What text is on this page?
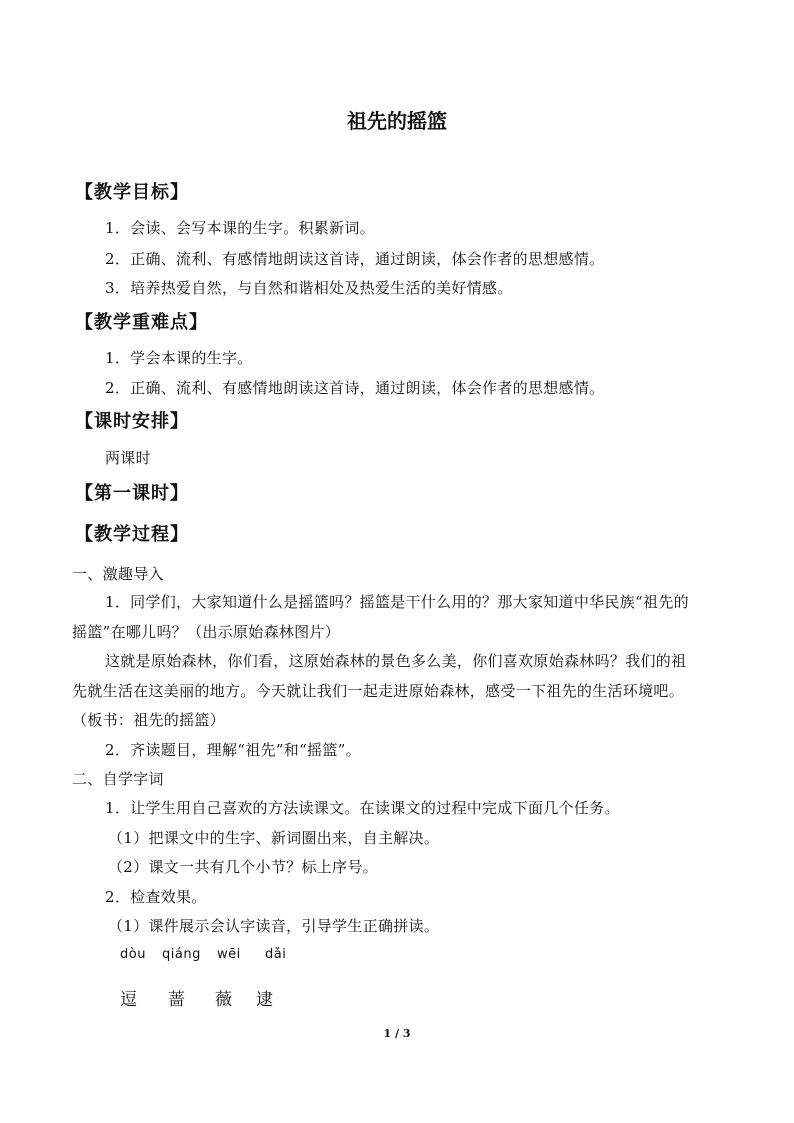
祖先的摇篮
【教学目标】
1．会读、会写本课的生字。积累新词。
2．正确、流利、有感情地朗读这首诗，通过朗读，体会作者的思想感情。
3．培养热爱自然，与自然和谐相处及热爱生活的美好情感。
【教学重难点】
1．学会本课的生字。
2．正确、流利、有感情地朗读这首诗，通过朗读，体会作者的思想感情。
【课时安排】
两课时
【第一课时】
【教学过程】
一、激趣导入
1．同学们，大家知道什么是摇篮吗？摇篮是干什么用的？那大家知道中华民族“祖先的
摇篮”在哪儿吗？（出示原始森林图片）
这就是原始森林，你们看，这原始森林的景色多么美，你们喜欢原始森林吗？我们的祖
先就生活在这美丽的地方。今天就让我们一起走进原始森林，感受一下祖先的生活环境吧。
（板书：祖先的摇篮）
2．齐读题目，理解“祖先”和“摇篮”。
二、自学字词
1．让学生用自己喜欢的方法读课文。在读课文的过程中完成下面几个任务。
（1）把课文中的生字、新词圈出来，自主解决。
（2）课文一共有几个小节？标上序号。
2．检查效果。
（1）课件展示会认字读音，引导学生正确拼读。
dòu qiáng wēi dǎi
逗 蔷 薇 逮
1 / 3
